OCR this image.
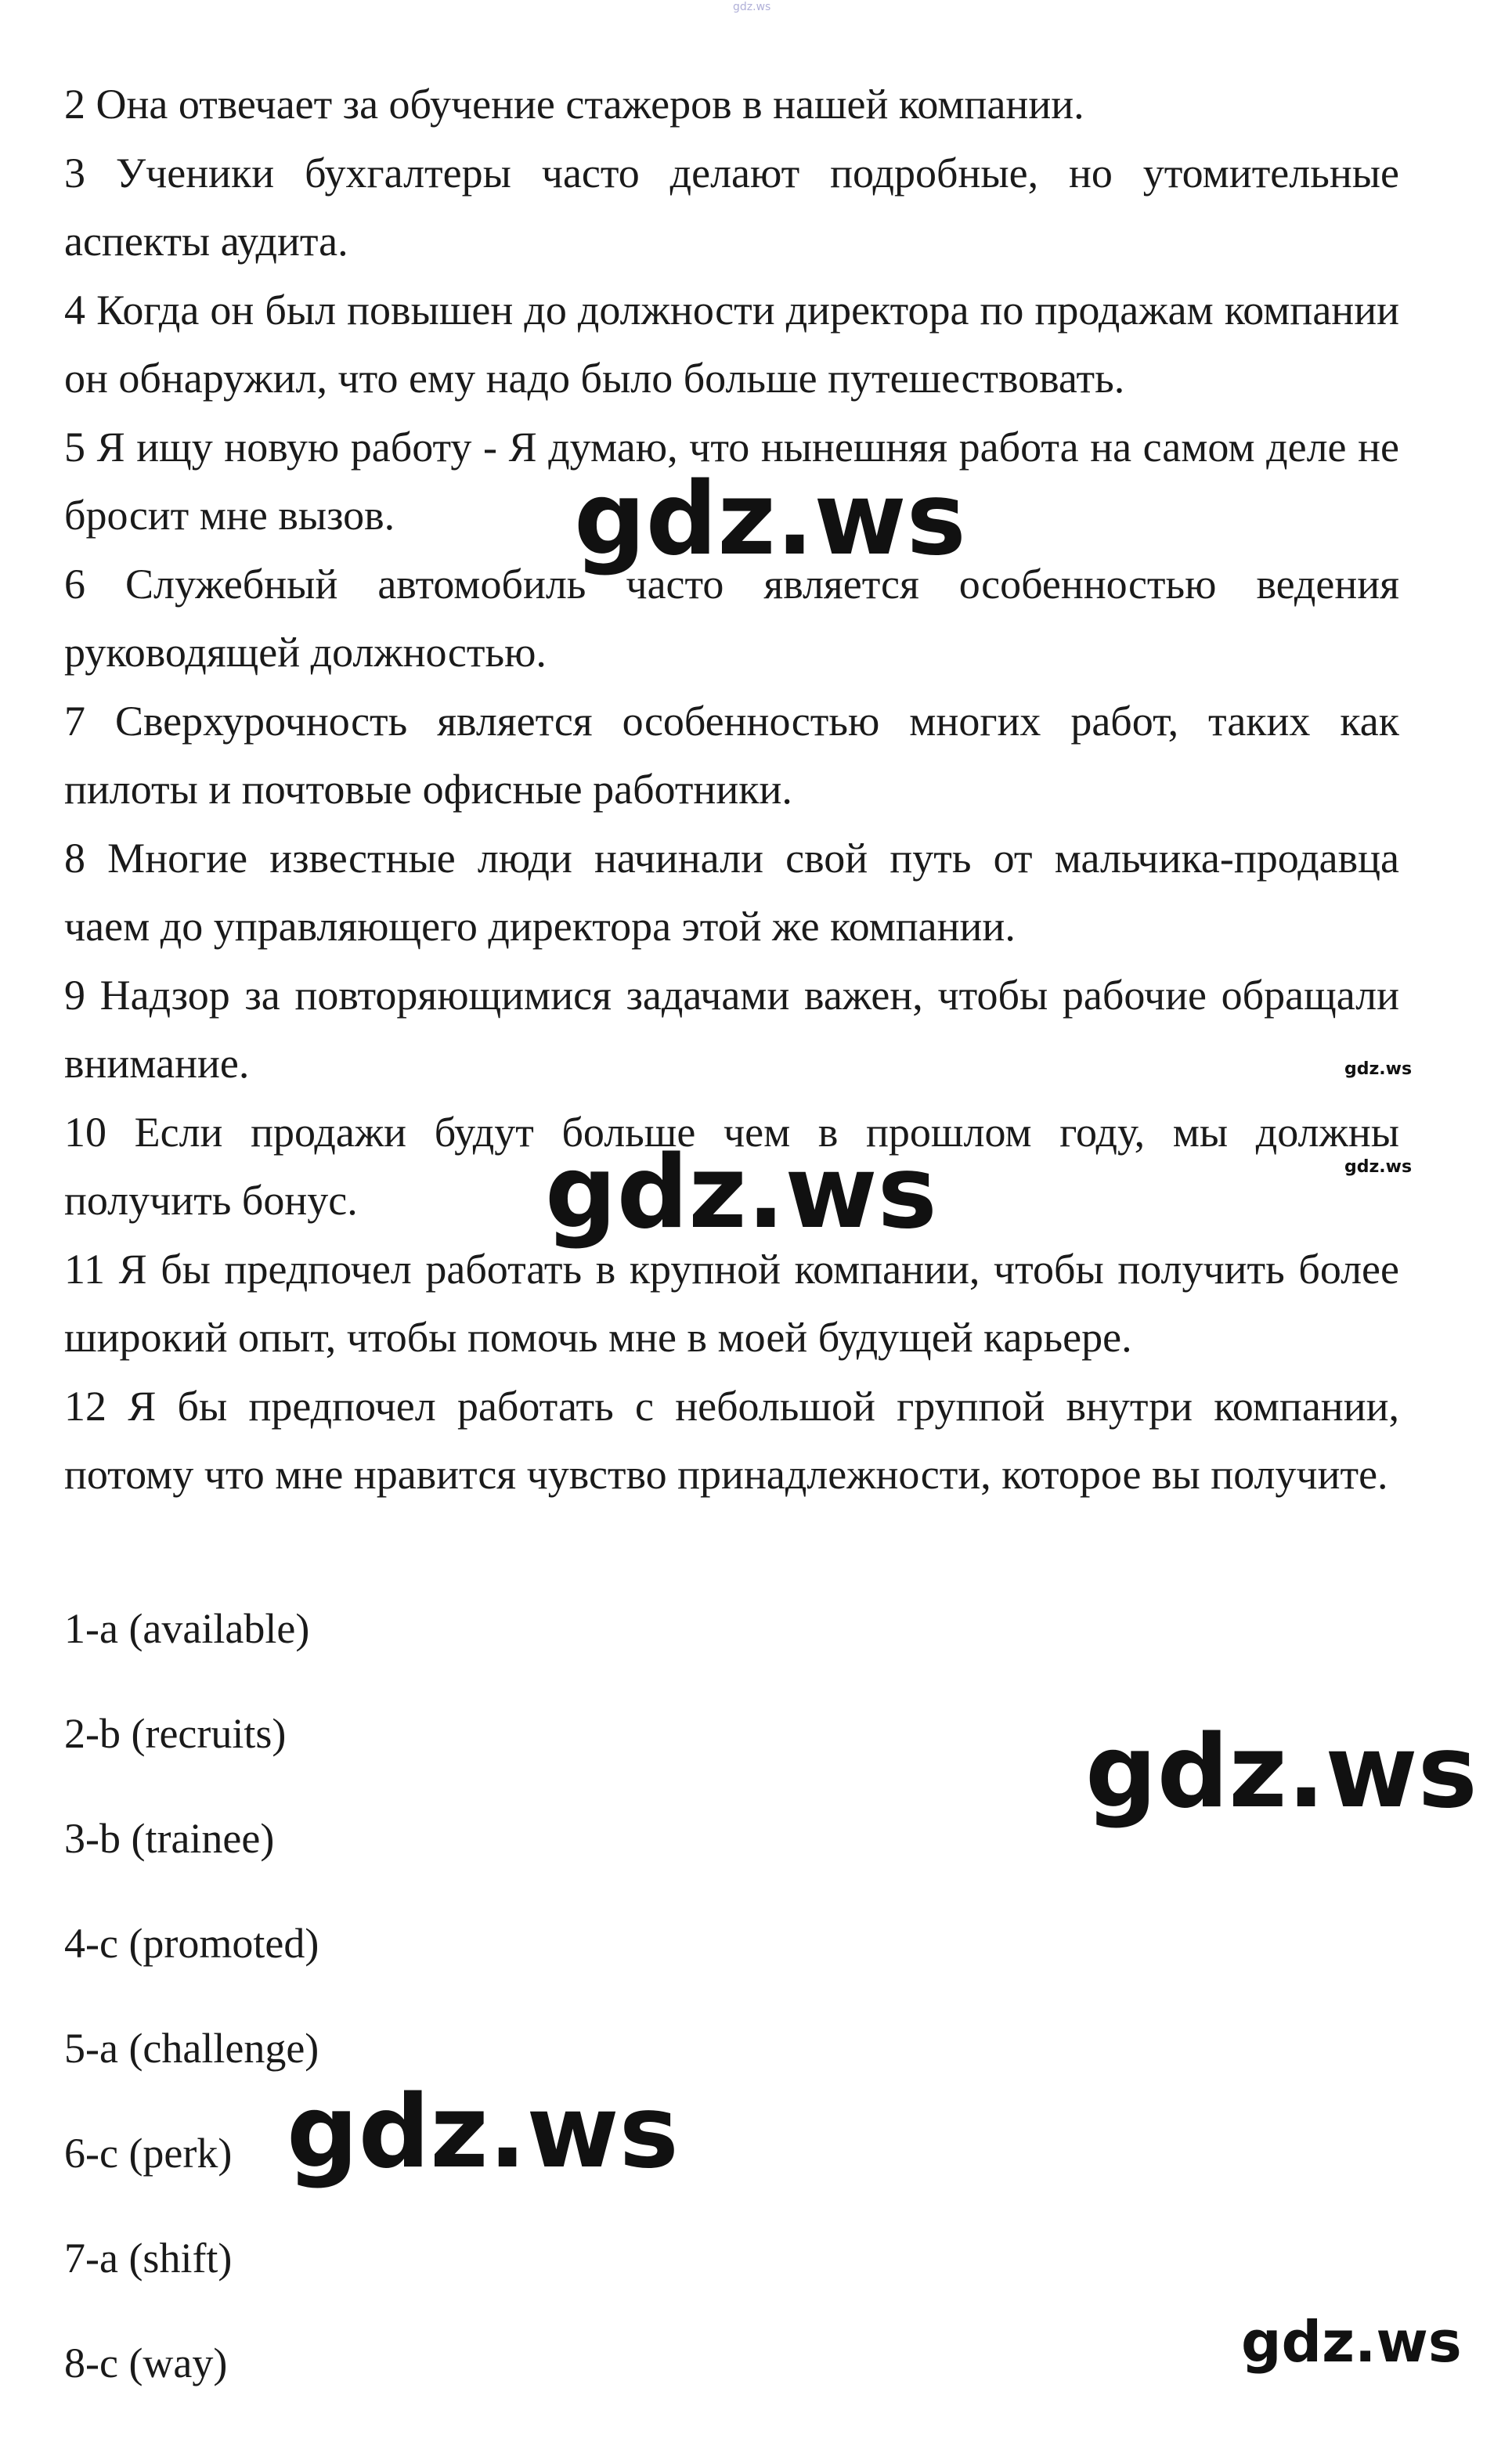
gdz.ws

2 Она отвечает за обучение стажеров в нашей компании.

3 Ученики бухгалтеры часто делают подробные, но утомительные аспекты аудита.

4 Когда он был повышен до должности директора по продажам компании он обнаружил, что ему надо было больше путешествовать.

5 Я ищу новую работу - Я думаю, что нынешняя работа на самом деле не бросит мне вызов.

6 Служебный автомобиль часто является особенностью ведения руководящей должностью.

7 Сверхурочность является особенностью многих работ, таких как пилоты и почтовые офисные работники.

8 Многие известные люди начинали свой путь от мальчика-продавца чаем до управляющего директора этой же компании.

9 Надзор за повторяющимися задачами важен, чтобы рабочие обращали внимание.

10 Если продажи будут больше чем в прошлом году, мы должны получить бонус.

11 Я бы предпочел работать в крупной компании, чтобы получить более широкий опыт, чтобы помочь мне в моей будущей карьере.

12 Я бы предпочел работать с небольшой группой внутри компании, потому что мне нравится чувство принадлежности, которое вы получите.

1-a (available)

2-b (recruits)

3-b (trainee)

4-c (promoted)

5-a (challenge)

6-c (perk)

7-a (shift)

8-c (way)

gdz.ws
gdz.ws
gdz.ws
gdz.ws
gdz.ws
gdz.ws
gdz.ws
